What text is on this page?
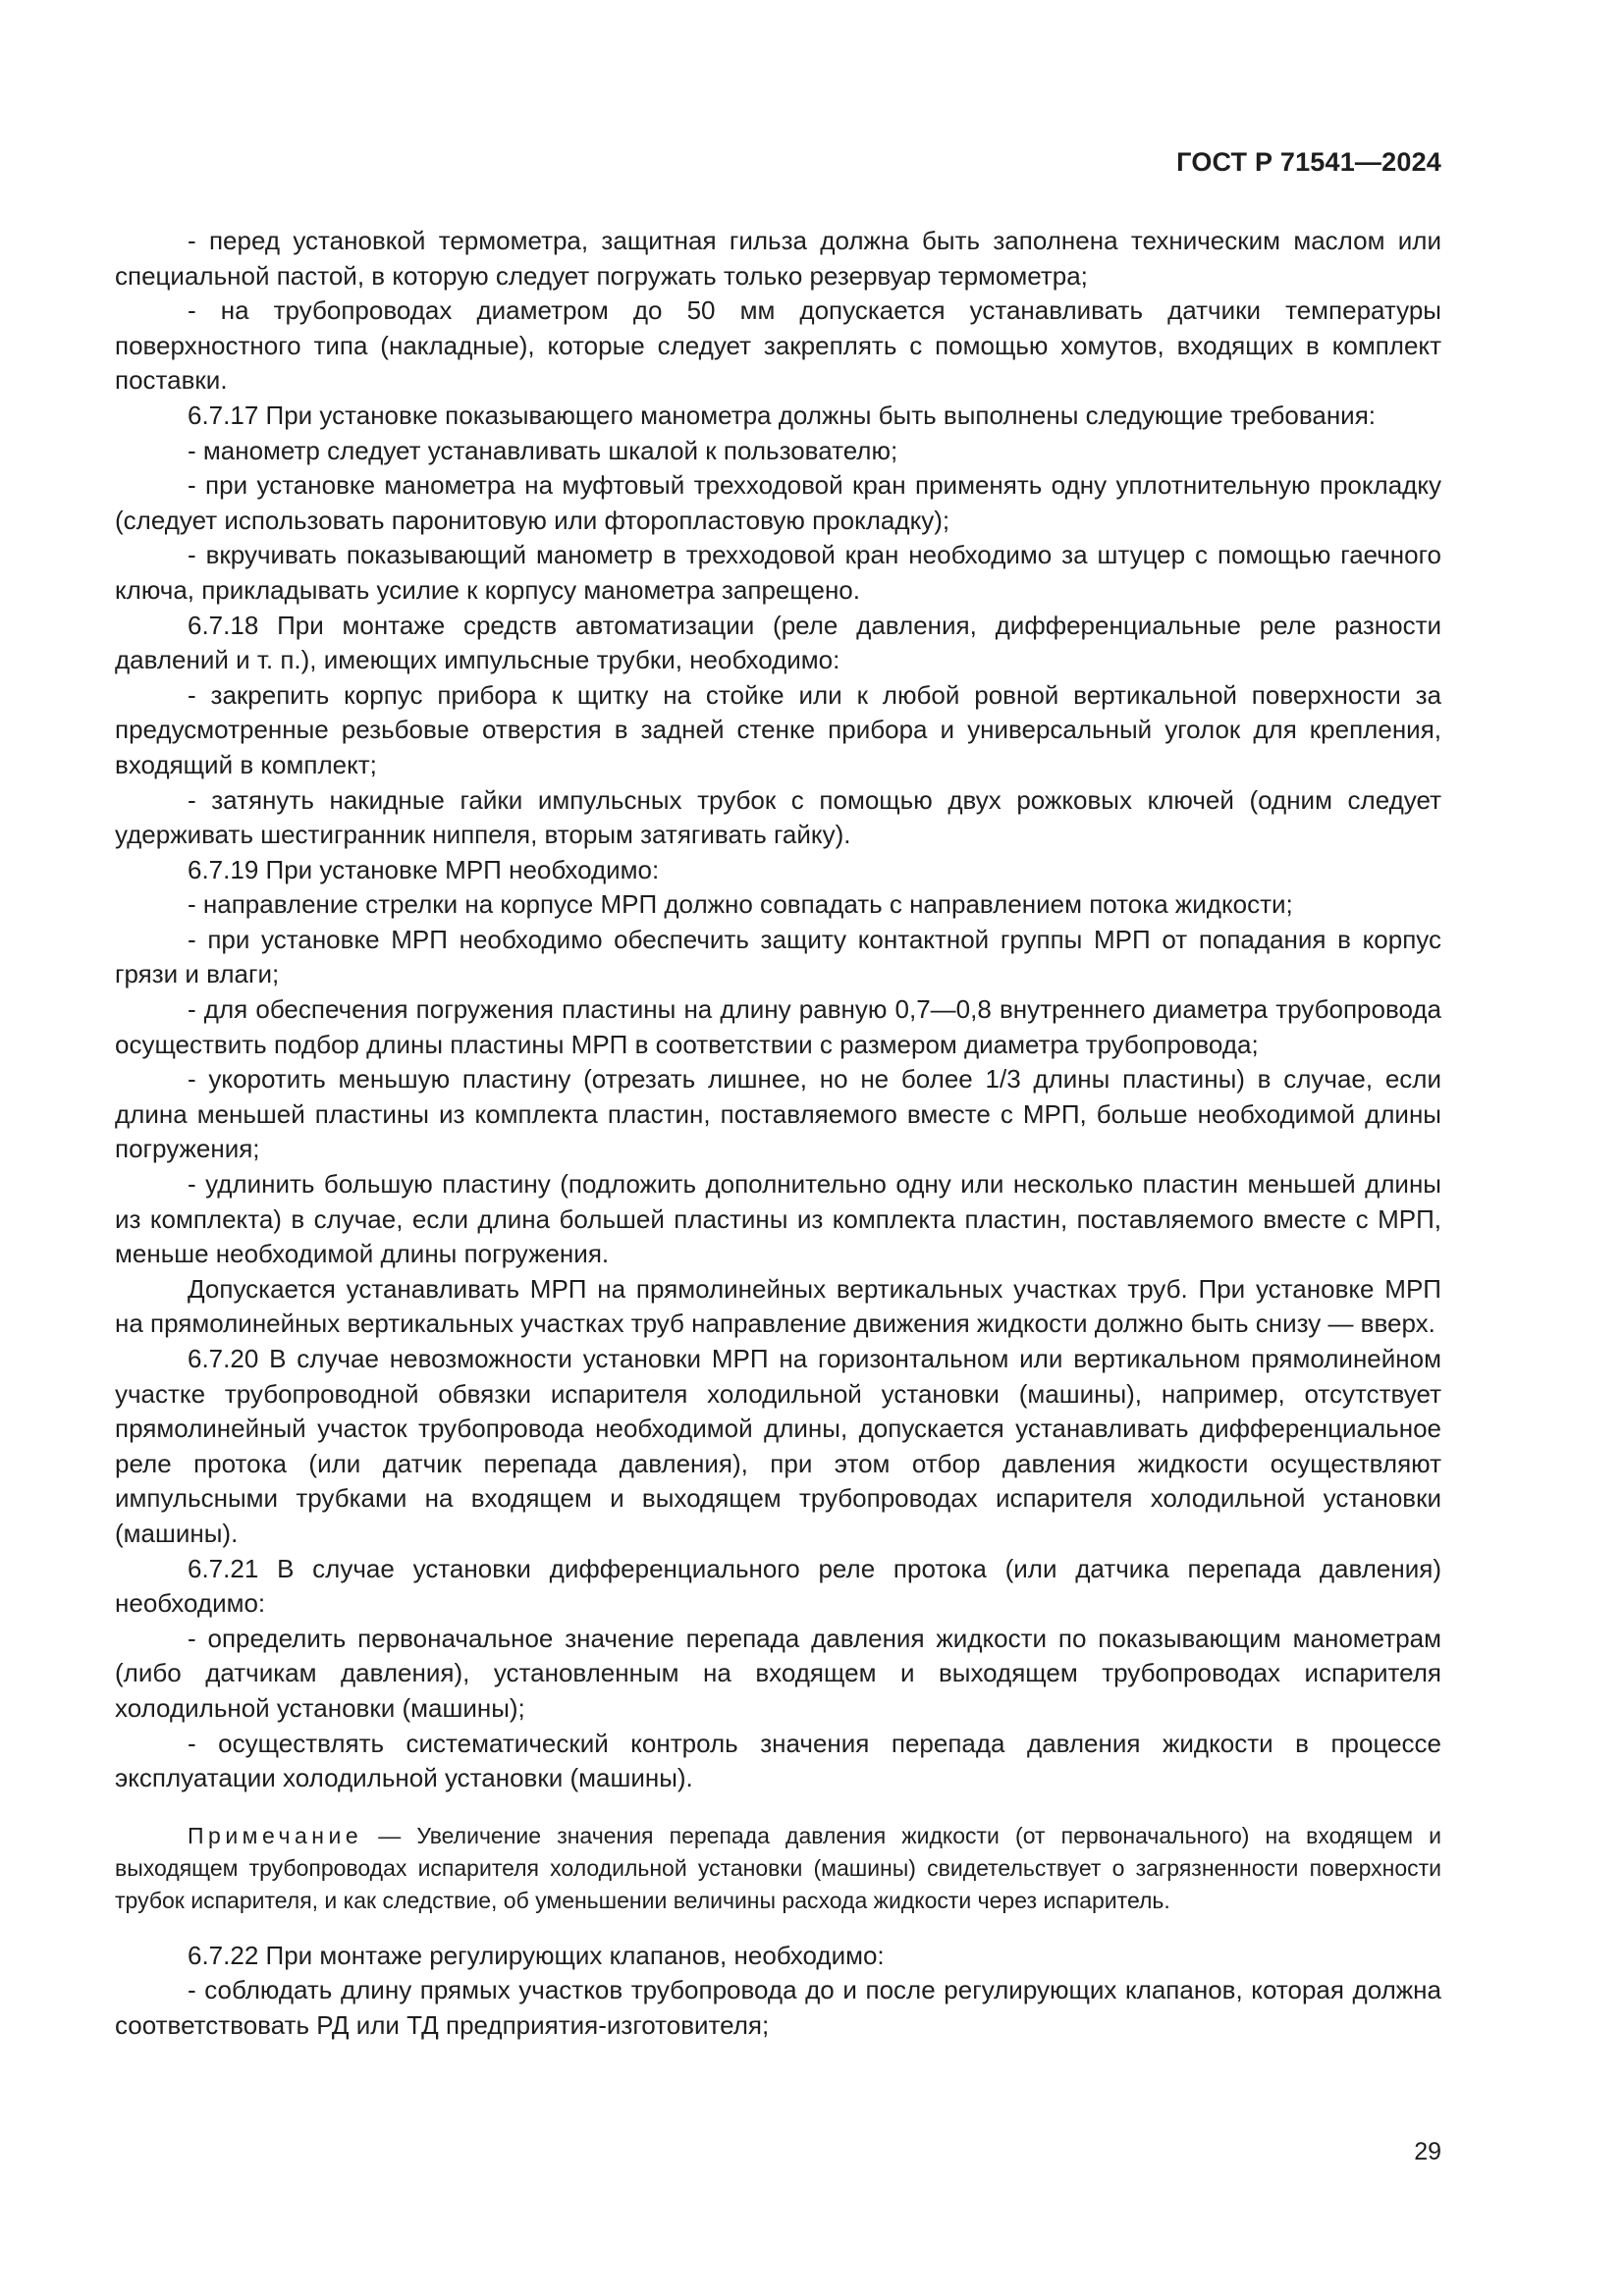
ГОСТ Р 71541—2024

- перед установкой термометра, защитная гильза должна быть заполнена техническим маслом или специальной пастой, в которую следует погружать только резервуар термометра;

- на трубопроводах диаметром до 50 мм допускается устанавливать датчики температуры поверхностного типа (накладные), которые следует закреплять с помощью хомутов, входящих в комплект поставки.

6.7.17 При установке показывающего манометра должны быть выполнены следующие требования:

- манометр следует устанавливать шкалой к пользователю;

- при установке манометра на муфтовый трехходовой кран применять одну уплотнительную прокладку (следует использовать паронитовую или фторопластовую прокладку);

- вкручивать показывающий манометр в трехходовой кран необходимо за штуцер с помощью гаечного ключа, прикладывать усилие к корпусу манометра запрещено.

6.7.18 При монтаже средств автоматизации (реле давления, дифференциальные реле разности давлений и т. п.), имеющих импульсные трубки, необходимо:

- закрепить корпус прибора к щитку на стойке или к любой ровной вертикальной поверхности за предусмотренные резьбовые отверстия в задней стенке прибора и универсальный уголок для крепления, входящий в комплект;

- затянуть накидные гайки импульсных трубок с помощью двух рожковых ключей (одним следует удерживать шестигранник ниппеля, вторым затягивать гайку).

6.7.19 При установке МРП необходимо:

- направление стрелки на корпусе МРП должно совпадать с направлением потока жидкости;

- при установке МРП необходимо обеспечить защиту контактной группы МРП от попадания в корпус грязи и влаги;

- для обеспечения погружения пластины на длину равную 0,7—0,8 внутреннего диаметра трубопровода осуществить подбор длины пластины МРП в соответствии с размером диаметра трубопровода;

- укоротить меньшую пластину (отрезать лишнее, но не более 1/3 длины пластины) в случае, если длина меньшей пластины из комплекта пластин, поставляемого вместе с МРП, больше необходимой длины погружения;

- удлинить большую пластину (подложить дополнительно одну или несколько пластин меньшей длины из комплекта) в случае, если длина большей пластины из комплекта пластин, поставляемого вместе с МРП, меньше необходимой длины погружения.

Допускается устанавливать МРП на прямолинейных вертикальных участках труб. При установке МРП на прямолинейных вертикальных участках труб направление движения жидкости должно быть снизу — вверх.

6.7.20 В случае невозможности установки МРП на горизонтальном или вертикальном прямолинейном участке трубопроводной обвязки испарителя холодильной установки (машины), например, отсутствует прямолинейный участок трубопровода необходимой длины, допускается устанавливать дифференциальное реле протока (или датчик перепада давления), при этом отбор давления жидкости осуществляют импульсными трубками на входящем и выходящем трубопроводах испарителя холодильной установки (машины).

6.7.21 В случае установки дифференциального реле протока (или датчика перепада давления) необходимо:

- определить первоначальное значение перепада давления жидкости по показывающим манометрам (либо датчикам давления), установленным на входящем и выходящем трубопроводах испарителя холодильной установки (машины);

- осуществлять систематический контроль значения перепада давления жидкости в процессе эксплуатации холодильной установки (машины).

Примечание — Увеличение значения перепада давления жидкости (от первоначального) на входящем и выходящем трубопроводах испарителя холодильной установки (машины) свидетельствует о загрязненности поверхности трубок испарителя, и как следствие, об уменьшении величины расхода жидкости через испаритель.

6.7.22 При монтаже регулирующих клапанов, необходимо:

- соблюдать длину прямых участков трубопровода до и после регулирующих клапанов, которая должна соответствовать РД или ТД предприятия-изготовителя;

29
